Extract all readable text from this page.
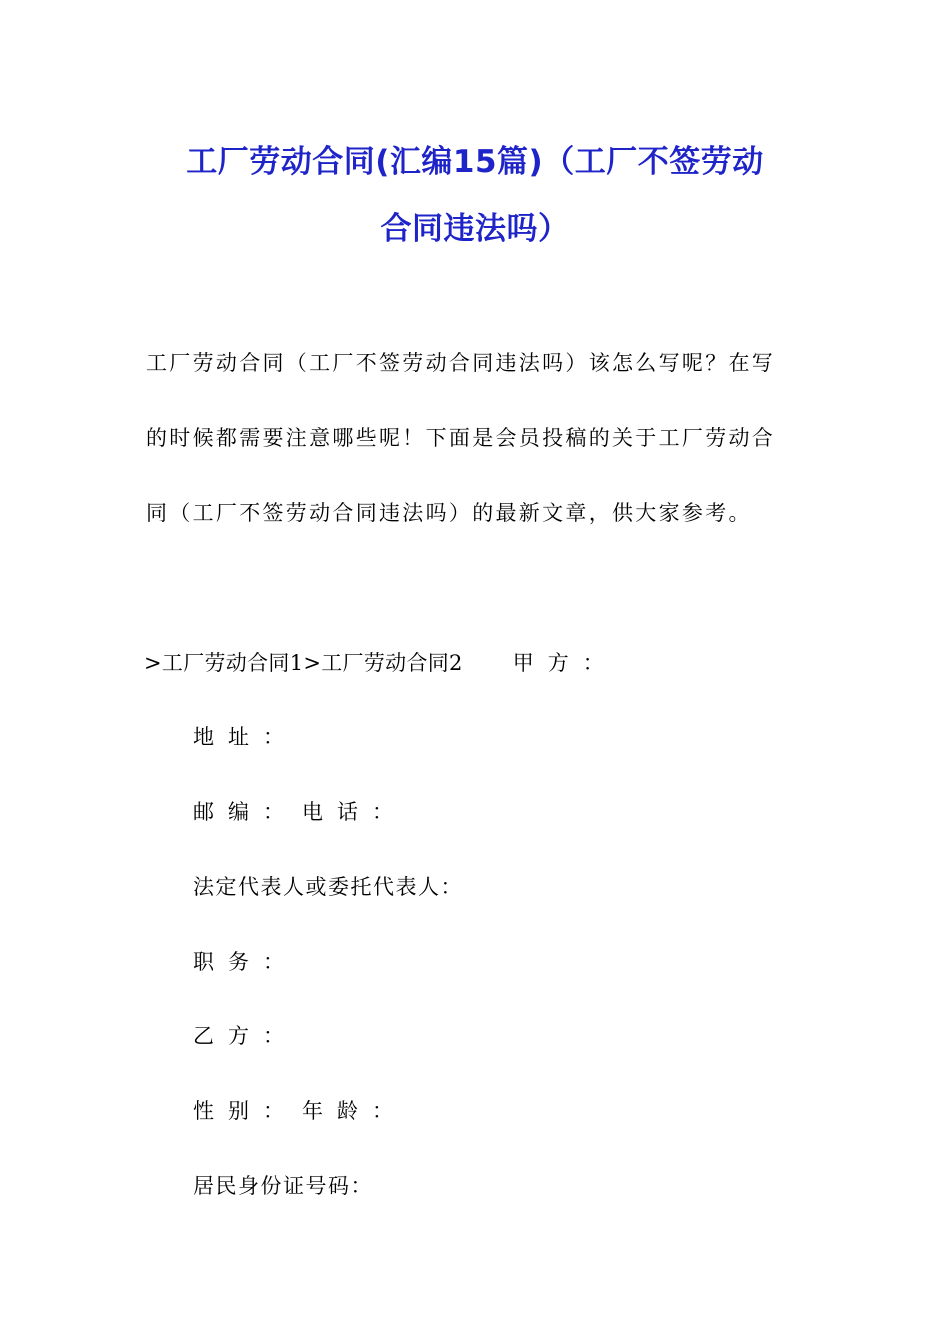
工厂劳动合同(汇编15篇)（工厂不签劳动
合同违法吗）

工厂劳动合同（工厂不签劳动合同违法吗）该怎么写呢？在写

的时候都需要注意哪些呢！下面是会员投稿的关于工厂劳动合

同（工厂不签劳动合同违法吗）的最新文章，供大家参考。

>工厂劳动合同1>工厂劳动合同2 甲方：

地址：

邮编： 电话：

法定代表人或委托代表人：

职务：

乙方：

性别： 年龄：

居民身份证号码：
